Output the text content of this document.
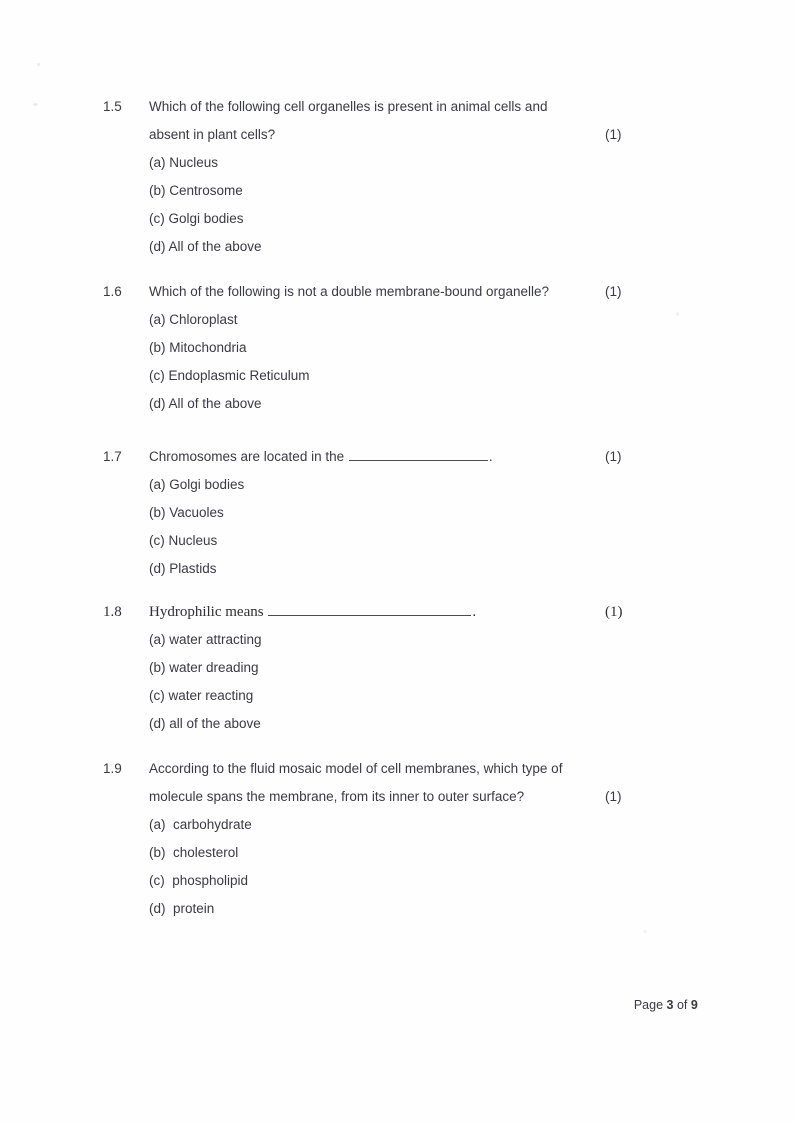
1.5 Which of the following cell organelles is present in animal cells and
absent in plant cells?	(1)
(a) Nucleus
(b) Centrosome
(c) Golgi bodies
(d) All of the above
1.6 Which of the following is not a double membrane-bound organelle?	(1)
(a) Chloroplast
(b) Mitochondria
(c) Endoplasmic Reticulum
(d) All of the above
1.7 Chromosomes are located in the	.	(1)
(a) Golgi bodies
(b) Vacuoles
(c) Nucleus
(d) Plastids
1.8 Hydrophilic means	.	(1)
(a) water attracting
(b) water dreading
(c) water reacting
(d) all of the above
1.9 According to the fluid mosaic model of cell membranes, which type of
molecule spans the membrane, from its inner to outer surface?	(1)
(a)  carbohydrate
(b)  cholesterol
(c)  phospholipid
(d)  protein

Page 3 of 9
